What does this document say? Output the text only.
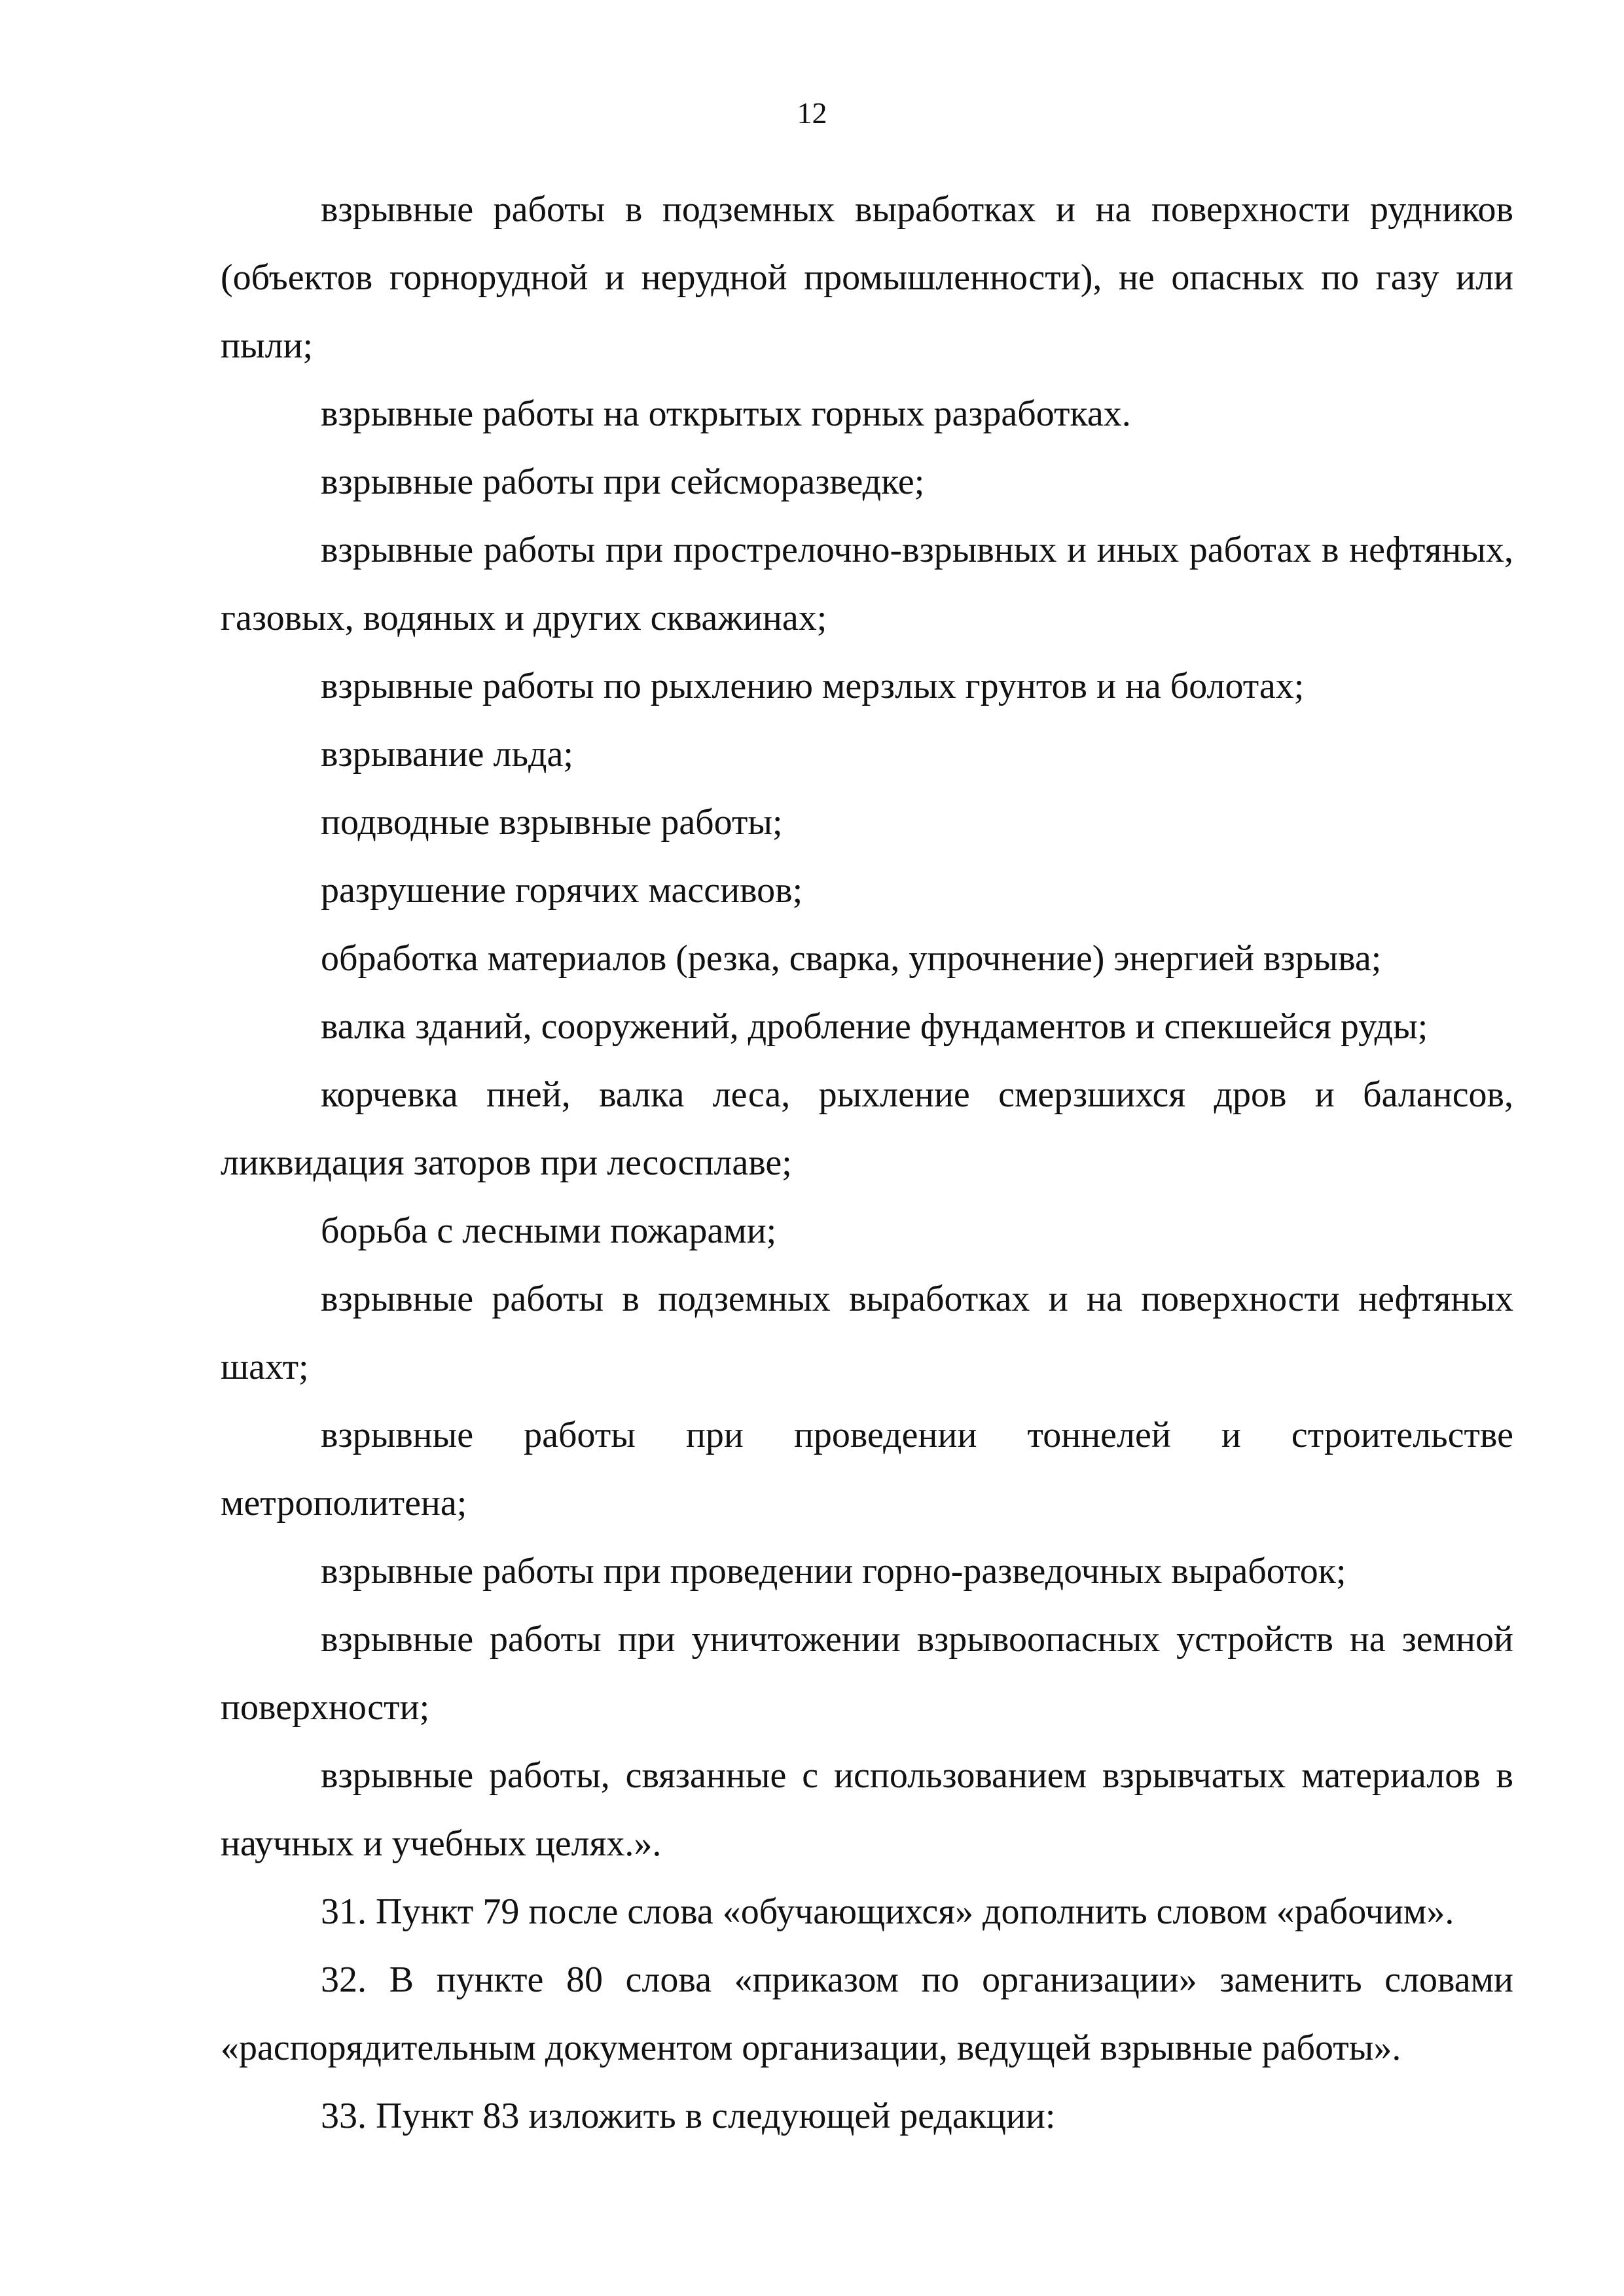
12

взрывные работы в подземных выработках и на поверхности рудников (объектов горнорудной и нерудной промышленности), не опасных по газу или пыли;

взрывные работы на открытых горных разработках.

взрывные работы при сейсморазведке;

взрывные работы при прострелочно-взрывных и иных работах в нефтяных, газовых, водяных и других скважинах;

взрывные работы по рыхлению мерзлых грунтов и на болотах;

взрывание льда;

подводные взрывные работы;

разрушение горячих массивов;

обработка материалов (резка, сварка, упрочнение) энергией взрыва;

валка зданий, сооружений, дробление фундаментов и спекшейся руды;

корчевка пней, валка леса, рыхление смерзшихся дров и балансов, ликвидация заторов при лесосплаве;

борьба с лесными пожарами;

взрывные работы в подземных выработках и на поверхности нефтяных шахт;

взрывные работы при проведении тоннелей и строительстве метрополитена;

взрывные работы при проведении горно-разведочных выработок;

взрывные работы при уничтожении взрывоопасных устройств на земной поверхности;

взрывные работы, связанные с использованием взрывчатых материалов в научных и учебных целях.».

31. Пункт 79 после слова «обучающихся» дополнить словом «рабочим».

32. В пункте 80 слова «приказом по организации» заменить словами «распорядительным документом организации, ведущей взрывные работы».

33. Пункт 83 изложить в следующей редакции:
